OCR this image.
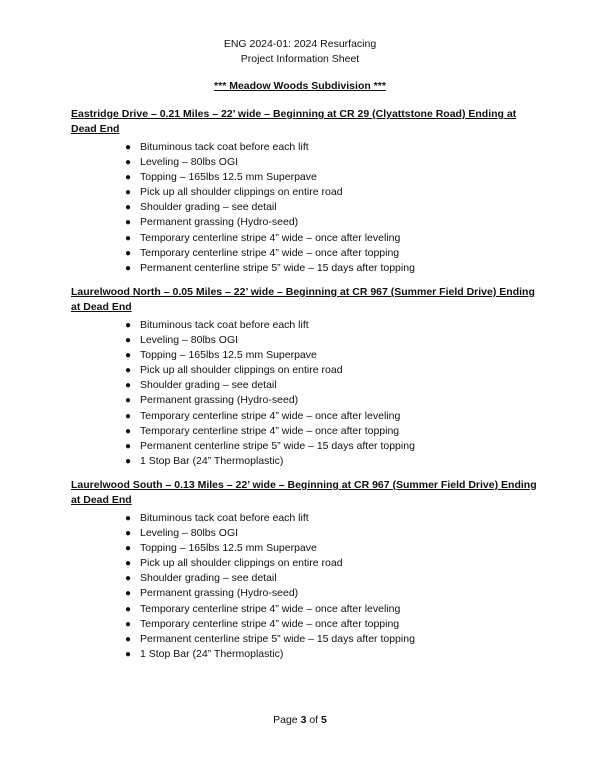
ENG 2024-01: 2024 Resurfacing
Project Information Sheet
*** Meadow Woods Subdivision ***

Eastridge Drive – 0.21 Miles – 22’ wide – Beginning at CR 29 (Clyattstone Road) Ending at Dead End

● Bituminous tack coat before each lift
● Leveling – 80lbs OGI
● Topping – 165lbs 12.5 mm Superpave
● Pick up all shoulder clippings on entire road
● Shoulder grading – see detail
● Permanent grassing (Hydro-seed)
● Temporary centerline stripe 4” wide – once after leveling
● Temporary centerline stripe 4” wide – once after topping
● Permanent centerline stripe 5” wide – 15 days after topping

Laurelwood North – 0.05 Miles – 22’ wide – Beginning at CR 967 (Summer Field Drive) Ending at Dead End

● Bituminous tack coat before each lift
● Leveling – 80lbs OGI
● Topping – 165lbs 12.5 mm Superpave
● Pick up all shoulder clippings on entire road
● Shoulder grading – see detail
● Permanent grassing (Hydro-seed)
● Temporary centerline stripe 4” wide – once after leveling
● Temporary centerline stripe 4” wide – once after topping
● Permanent centerline stripe 5” wide – 15 days after topping
● 1 Stop Bar (24” Thermoplastic)

Laurelwood South – 0.13 Miles – 22’ wide – Beginning at CR 967 (Summer Field Drive) Ending at Dead End

● Bituminous tack coat before each lift
● Leveling – 80lbs OGI
● Topping – 165lbs 12.5 mm Superpave
● Pick up all shoulder clippings on entire road
● Shoulder grading – see detail
● Permanent grassing (Hydro-seed)
● Temporary centerline stripe 4” wide – once after leveling
● Temporary centerline stripe 4” wide – once after topping
● Permanent centerline stripe 5” wide – 15 days after topping
● 1 Stop Bar (24” Thermoplastic)
Page 3 of 5
